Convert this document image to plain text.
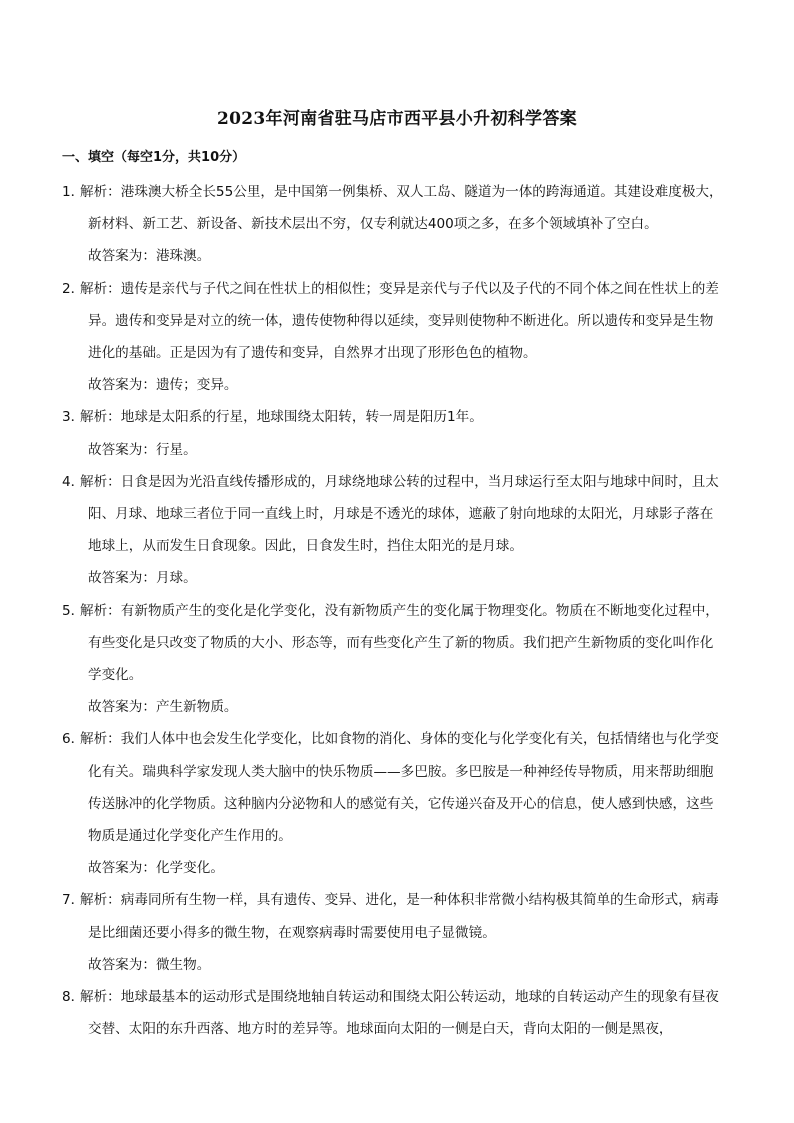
2023年河南省驻马店市西平县小升初科学答案
一、填空（每空1分，共10分）
1．解析：港珠澳大桥全长55公里，是中国第一例集桥、双人工岛、隧道为一体的跨海通道。其建设难度极大，新材料、新工艺、新设备、新技术层出不穷，仅专利就达400项之多，在多个领域填补了空白。
故答案为：港珠澳。
2．解析：遗传是亲代与子代之间在性状上的相似性；变异是亲代与子代以及子代的不同个体之间在性状上的差异。遗传和变异是对立的统一体，遗传使物种得以延续，变异则使物种不断进化。所以遗传和变异是生物进化的基础。正是因为有了遗传和变异，自然界才出现了形形色色的植物。
故答案为：遗传；变异。
3．解析：地球是太阳系的行星，地球围绕太阳转，转一周是阳历1年。
故答案为：行星。
4．解析：日食是因为光沿直线传播形成的，月球绕地球公转的过程中，当月球运行至太阳与地球中间时，且太阳、月球、地球三者位于同一直线上时，月球是不透光的球体，遮蔽了射向地球的太阳光，月球影子落在地球上，从而发生日食现象。因此，日食发生时，挡住太阳光的是月球。
故答案为：月球。
5．解析：有新物质产生的变化是化学变化，没有新物质产生的变化属于物理变化。物质在不断地变化过程中，有些变化是只改变了物质的大小、形态等，而有些变化产生了新的物质。我们把产生新物质的变化叫作化学变化。
故答案为：产生新物质。
6．解析：我们人体中也会发生化学变化，比如食物的消化、身体的变化与化学变化有关，包括情绪也与化学变化有关。瑞典科学家发现人类大脑中的快乐物质——多巴胺。多巴胺是一种神经传导物质，用来帮助细胞传送脉冲的化学物质。这种脑内分泌物和人的感觉有关，它传递兴奋及开心的信息，使人感到快感，这些物质是通过化学变化产生作用的。
故答案为：化学变化。
7．解析：病毒同所有生物一样，具有遗传、变异、进化，是一种体积非常微小结构极其简单的生命形式，病毒是比细菌还要小得多的微生物，在观察病毒时需要使用电子显微镜。
故答案为：微生物。
8．解析：地球最基本的运动形式是围绕地轴自转运动和围绕太阳公转运动，地球的自转运动产生的现象有昼夜交替、太阳的东升西落、地方时的差异等。地球面向太阳的一侧是白天，背向太阳的一侧是黑夜，
